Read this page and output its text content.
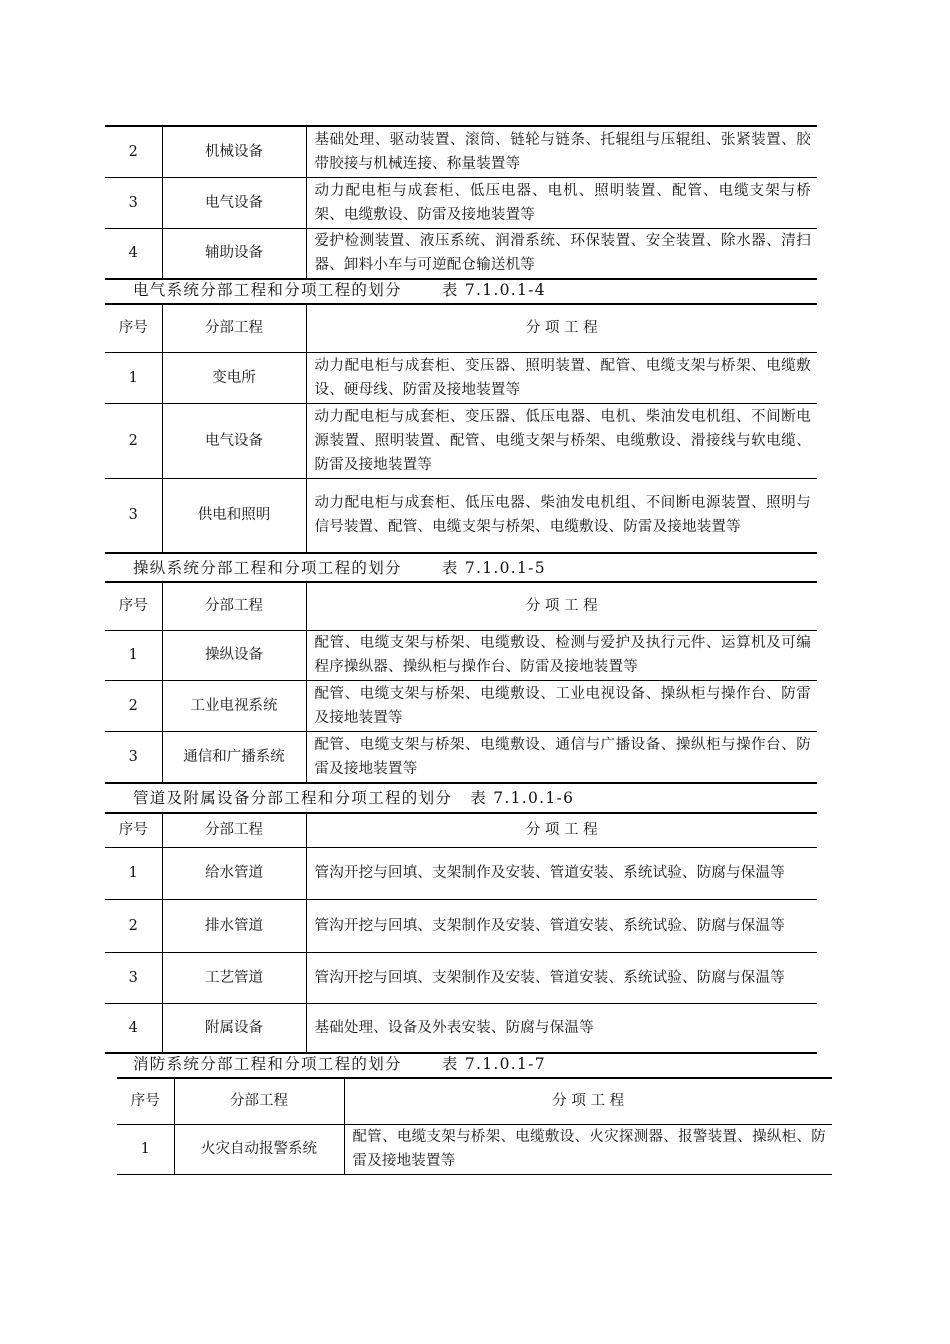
2	机械设备	基础处理、驱动装置、滚筒、链轮与链条、托辊组与压辊组、张紧装置、胶带胶接与机械连接、称量装置等
3	电气设备	动力配电柜与成套柜、低压电器、电机、照明装置、配管、电缆支架与桥架、电缆敷设、防雷及接地装置等
4	辅助设备	爱护检测装置、液压系统、润滑系统、环保装置、安全装置、除水器、清扫器、卸料小车与可逆配仓输送机等
电气系统分部工程和分项工程的划分	表 7.1.0.1-4
序号	分部工程	分 项 工 程
1	变电所	动力配电柜与成套柜、变压器、照明装置、配管、电缆支架与桥架、电缆敷设、硬母线、防雷及接地装置等
2	电气设备	动力配电柜与成套柜、变压器、低压电器、电机、柴油发电机组、不间断电源装置、照明装置、配管、电缆支架与桥架、电缆敷设、滑接线与软电缆、防雷及接地装置等
3	供电和照明	动力配电柜与成套柜、低压电器、柴油发电机组、不间断电源装置、照明与信号装置、配管、电缆支架与桥架、电缆敷设、防雷及接地装置等
操纵系统分部工程和分项工程的划分	表 7.1.0.1-5
序号	分部工程	分 项 工 程
1	操纵设备	配管、电缆支架与桥架、电缆敷设、检测与爱护及执行元件、运算机及可编程序操纵器、操纵柜与操作台、防雷及接地装置等
2	工业电视系统	配管、电缆支架与桥架、电缆敷设、工业电视设备、操纵柜与操作台、防雷及接地装置等
3	通信和广播系统	配管、电缆支架与桥架、电缆敷设、通信与广播设备、操纵柜与操作台、防雷及接地装置等
管道及附属设备分部工程和分项工程的划分 表 7.1.0.1-6
序号	分部工程	分 项 工 程
1	给水管道	管沟开挖与回填、支架制作及安装、管道安装、系统试验、防腐与保温等
2	排水管道	管沟开挖与回填、支架制作及安装、管道安装、系统试验、防腐与保温等
3	工艺管道	管沟开挖与回填、支架制作及安装、管道安装、系统试验、防腐与保温等
4	附属设备	基础处理、设备及外表安装、防腐与保温等
消防系统分部工程和分项工程的划分	表 7.1.0.1-7
序号	分部工程	分 项 工 程
1	火灾自动报警系统	配管、电缆支架与桥架、电缆敷设、火灾探测器、报警装置、操纵柜、防雷及接地装置等
